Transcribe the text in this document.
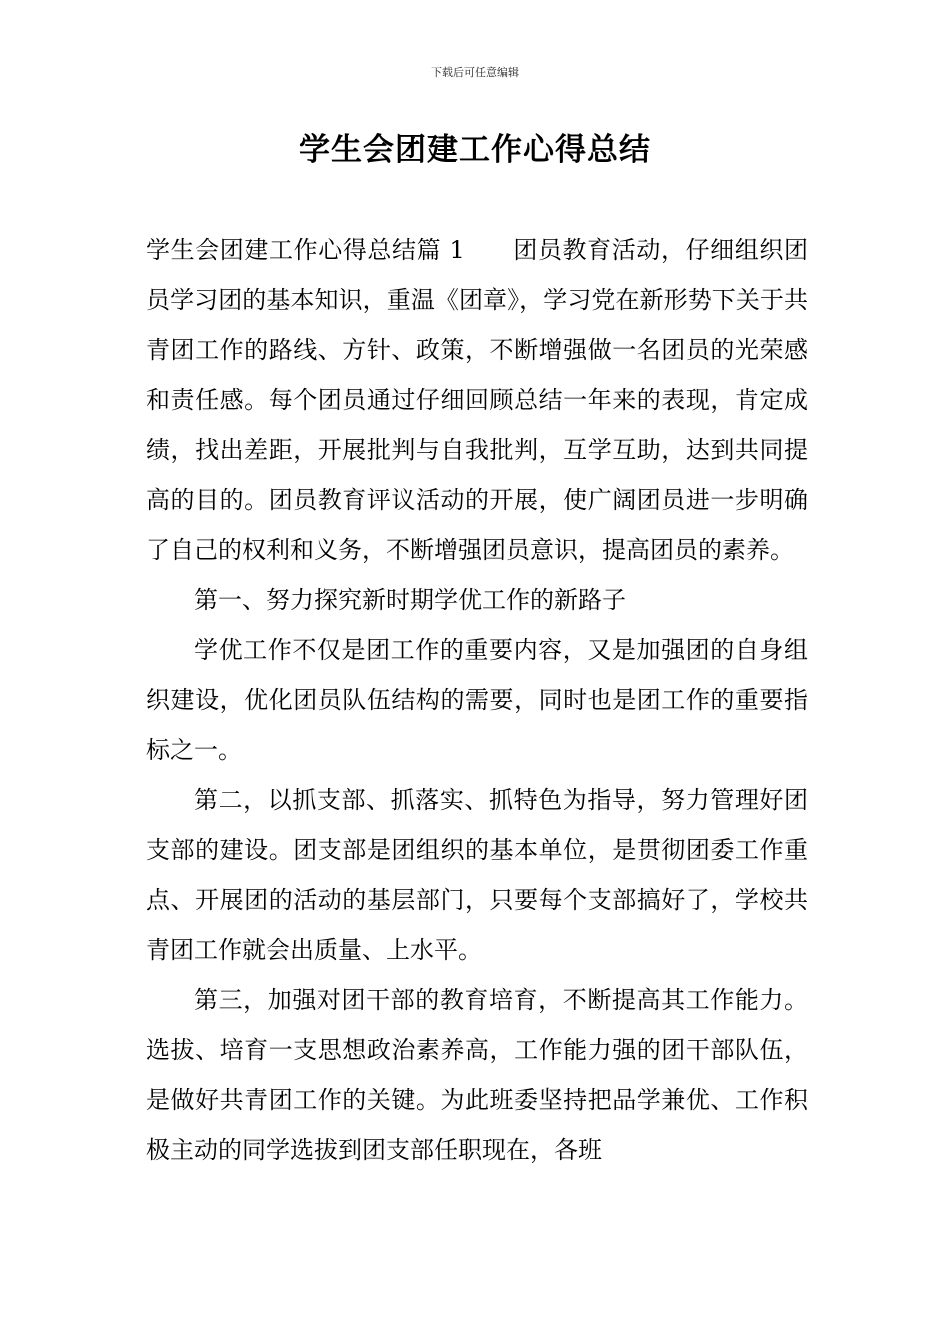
下载后可任意编辑
学生会团建工作心得总结

学生会团建工作心得总结篇 1 团员教育活动，仔细组织团员学习团的基本知识，重温《团章》，学习党在新形势下关于共青团工作的路线、方针、政策，不断增强做一名团员的光荣感和责任感。每个团员通过仔细回顾总结一年来的表现，肯定成绩，找出差距，开展批判与自我批判，互学互助，达到共同提高的目的。团员教育评议活动的开展，使广阔团员进一步明确了自己的权利和义务，不断增强团员意识，提高团员的素养。

第一、努力探究新时期学优工作的新路子

学优工作不仅是团工作的重要内容，又是加强团的自身组织建设，优化团员队伍结构的需要，同时也是团工作的重要指标之一。

第二，以抓支部、抓落实、抓特色为指导，努力管理好团支部的建设。团支部是团组织的基本单位，是贯彻团委工作重点、开展团的活动的基层部门，只要每个支部搞好了，学校共青团工作就会出质量、上水平。

第三，加强对团干部的教育培育，不断提高其工作能力。选拔、培育一支思想政治素养高，工作能力强的团干部队伍，是做好共青团工作的关键。为此班委坚持把品学兼优、工作积极主动的同学选拔到团支部任职现在，各班
